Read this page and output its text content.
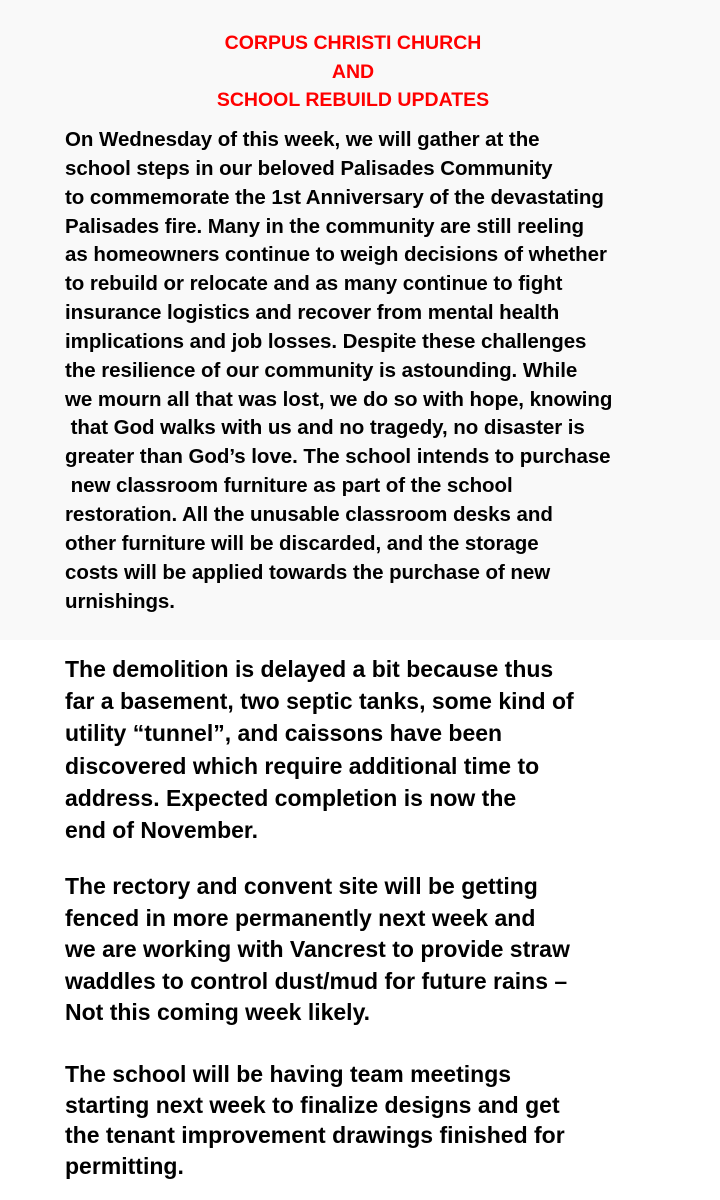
CORPUS CHRISTI CHURCH
AND
SCHOOL REBUILD UPDATES
On Wednesday of this week, we will gather at the
school steps in our beloved Palisades Community
to commemorate the 1st Anniversary of the devastating
Palisades fire. Many in the community are still reeling
as homeowners continue to weigh decisions of whether
to rebuild or relocate and as many continue to fight
insurance logistics and recover from mental health
implications and job losses. Despite these challenges
the resilience of our community is astounding. While
we mourn all that was lost, we do so with hope, knowing
that God walks with us and no tragedy, no disaster is
greater than God’s love. The school intends to purchase
new classroom furniture as part of the school
restoration. All the unusable classroom desks and
other furniture will be discarded, and the storage
costs will be applied towards the purchase of new
urnishings.
The demolition is delayed a bit because thus
far a basement, two septic tanks, some kind of
utility “tunnel”, and caissons have been
discovered which require additional time to
address. Expected completion is now the
end of November.
The rectory and convent site will be getting
fenced in more permanently next week and
we are working with Vancrest to provide straw
waddles to control dust/mud for future rains –
Not this coming week likely.
The school will be having team meetings
starting next week to finalize designs and get
the tenant improvement drawings finished for
permitting.
